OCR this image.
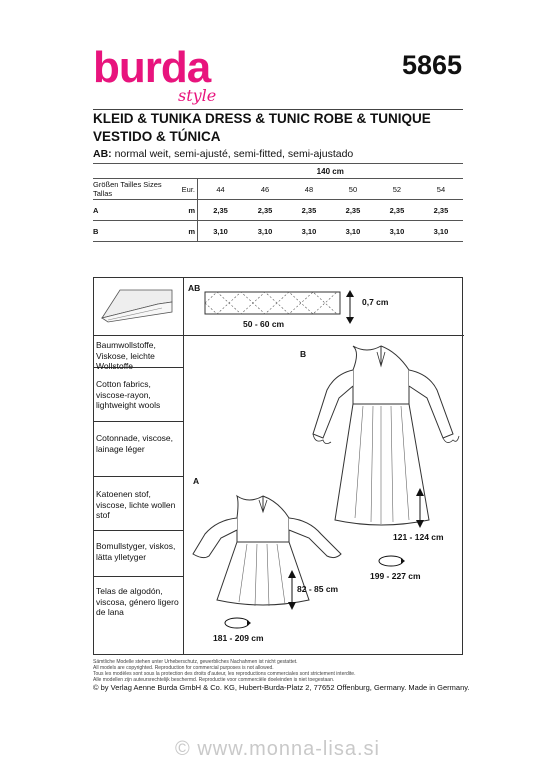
burda
style
5865
KLEID & TUNIKA DRESS & TUNIC ROBE & TUNIQUE VESTIDO & TÚNICA
AB: normal weit, semi-ajusté, semi-fitted, semi-ajustado
		140 cm					
Größen Tailles Sizes Tallas	Eur.	44	46	48	50	52	54
A	m	2,35	2,35	2,35	2,35	2,35	2,35
B	m	3,10	3,10	3,10	3,10	3,10	3,10
Baumwollstoffe, Viskose, leichte Wollstoffe
Cotton fabrics, viscose-rayon, lightweight wools
Cotonnade, viscose, lainage léger
Katoenen stof, viscose, lichte wollen stof
Bomullstyger, viskos, lätta ylletyger
Telas de algodón, viscosa, género ligero de lana
AB
0,7 cm
50 - 60 cm
B
121 - 124 cm
199 - 227 cm
A
82 - 85 cm
181 - 209 cm
Sämtliche Modelle stehen unter Urheberschutz, gewerbliches Nachahmen ist nicht gestattet.
All models are copyrighted. Reproduction for commercial purposes is not allowed.
Tous les modèles sont sous la protection des droits d'auteur, les reproductions commerciales sont strictement interdite.
Alle modellen zijn auteursrechtelijk beschermd. Reproductie voor commerciële doeleinden is niet toegestaan.
© by Verlag Aenne Burda GmbH & Co. KG, Hubert-Burda-Platz 2, 77652 Offenburg, Germany. Made in Germany.
© www.monna-lisa.si
